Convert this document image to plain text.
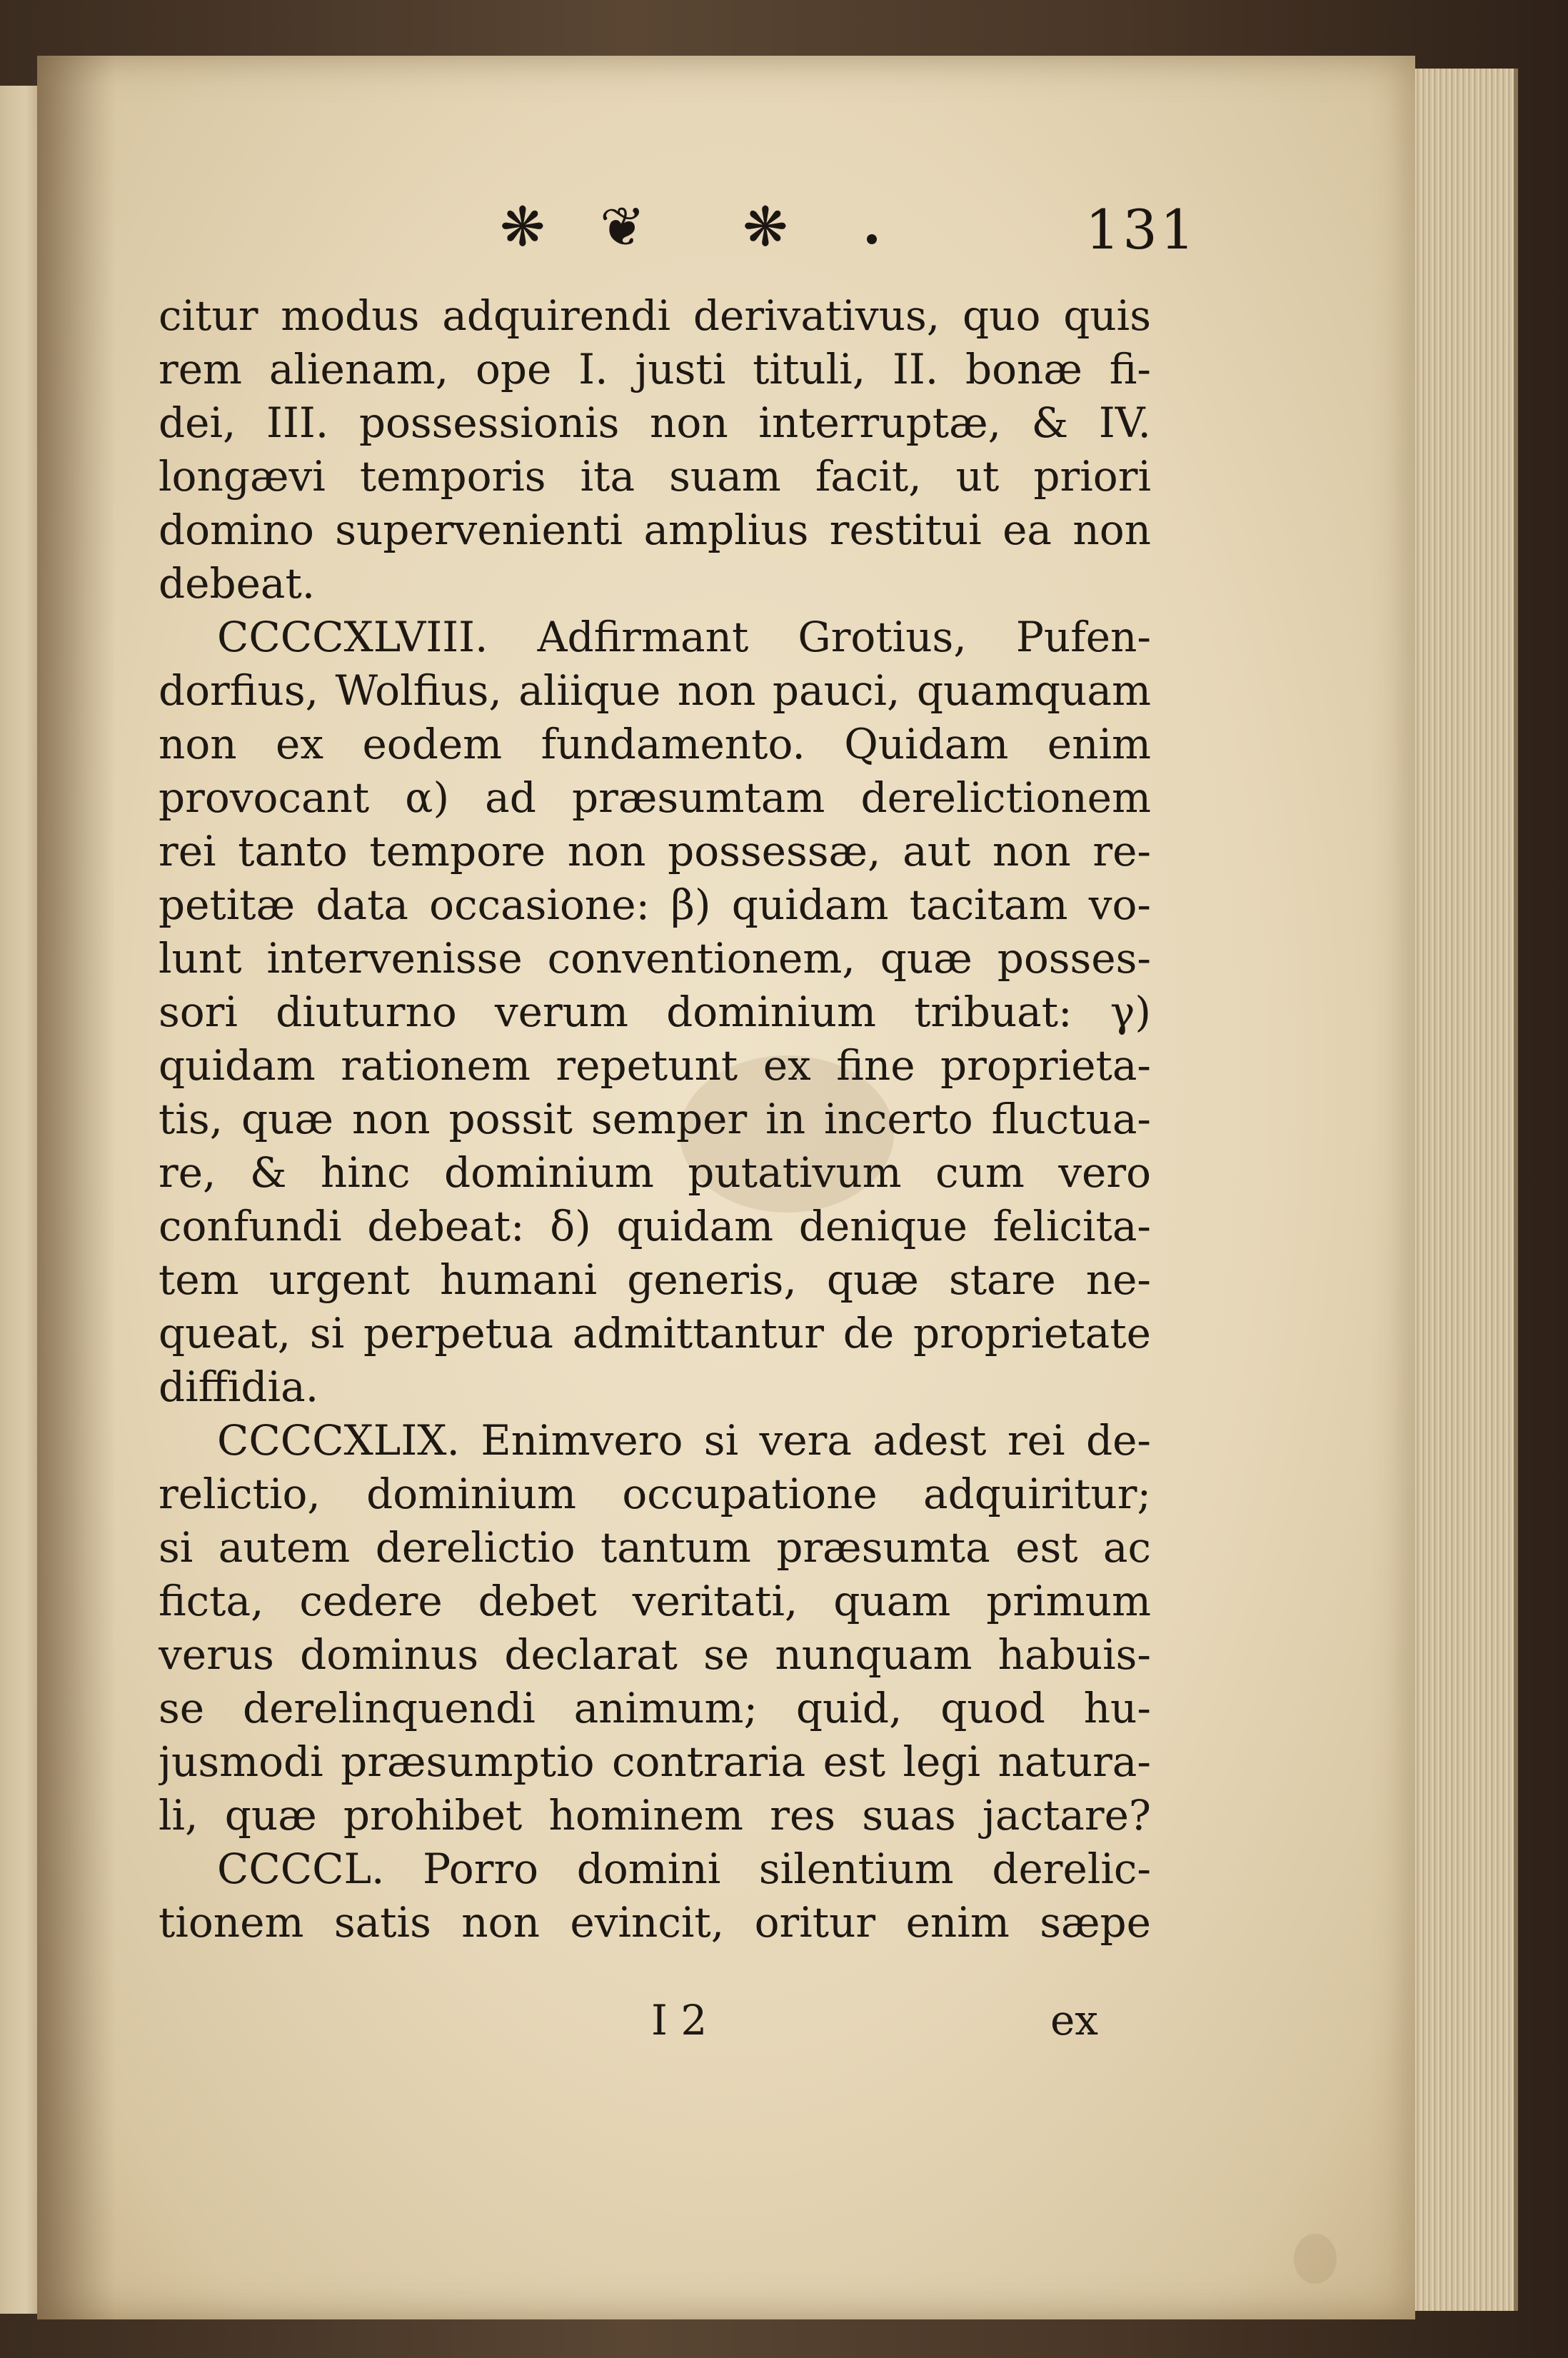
❋ ❦ ❋	131
citur modus adquirendi derivativus, quo quis
rem alienam, ope I. justi tituli, II. bonæ fi-
dei, III. possessionis non interruptæ, & IV.
longævi temporis ita suam facit, ut priori
domino supervenienti amplius restitui ea non
debeat.
CCCCXLVIII. Adfirmant Grotius, Pufen-
dorfius, Wolfius, aliique non pauci, quamquam
non ex eodem fundamento. Quidam enim
provocant α) ad præsumtam derelictionem
rei tanto tempore non possessæ, aut non re-
petitæ data occasione: β) quidam tacitam vo-
lunt intervenisse conventionem, quæ posses-
sori diuturno verum dominium tribuat: γ)
quidam rationem repetunt ex fine proprieta-
tis, quæ non possit semper in incerto fluctua-
re, & hinc dominium putativum cum vero
confundi debeat: δ) quidam denique felicita-
tem urgent humani generis, quæ stare ne-
queat, si perpetua admittantur de proprietate
diffidia.
CCCCXLIX. Enimvero si vera adest rei de-
relictio, dominium occupatione adquiritur;
si autem derelictio tantum præsumta est ac
ficta, cedere debet veritati, quam primum
verus dominus declarat se nunquam habuis-
se derelinquendi animum; quid, quod hu-
jusmodi præsumptio contraria est legi natura-
li, quæ prohibet hominem res suas jactare?
CCCCL. Porro domini silentium derelic-
tionem satis non evincit, oritur enim sæpe
I 2	ex
